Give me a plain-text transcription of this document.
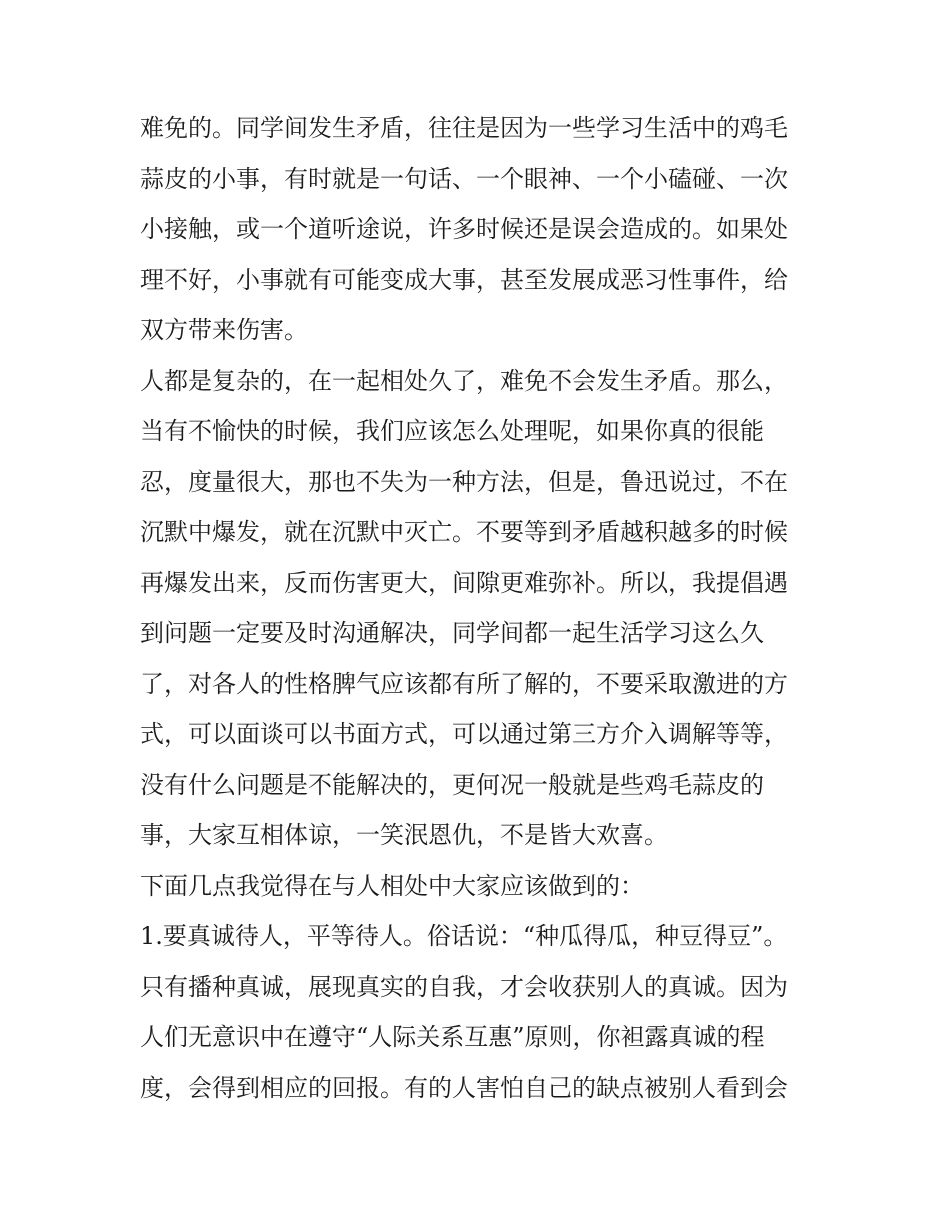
难免的。同学间发生矛盾，往往是因为一些学习生活中的鸡毛
蒜皮的小事，有时就是一句话、一个眼神、一个小磕碰、一次
小接触，或一个道听途说，许多时候还是误会造成的。如果处
理不好，小事就有可能变成大事，甚至发展成恶习性事件，给
双方带来伤害。
人都是复杂的，在一起相处久了，难免不会发生矛盾。那么，
当有不愉快的时候，我们应该怎么处理呢，如果你真的很能
忍，度量很大，那也不失为一种方法，但是，鲁迅说过，不在
沉默中爆发，就在沉默中灭亡。不要等到矛盾越积越多的时候
再爆发出来，反而伤害更大，间隙更难弥补。所以，我提倡遇
到问题一定要及时沟通解决，同学间都一起生活学习这么久
了，对各人的性格脾气应该都有所了解的，不要采取激进的方
式，可以面谈可以书面方式，可以通过第三方介入调解等等，
没有什么问题是不能解决的，更何况一般就是些鸡毛蒜皮的
事，大家互相体谅，一笑泯恩仇，不是皆大欢喜。
下面几点我觉得在与人相处中大家应该做到的：
1.要真诚待人，平等待人。俗话说：“种瓜得瓜，种豆得豆”。
只有播种真诚，展现真实的自我，才会收获别人的真诚。因为
人们无意识中在遵守“人际关系互惠”原则，你袒露真诚的程
度，会得到相应的回报。有的人害怕自己的缺点被别人看到会
